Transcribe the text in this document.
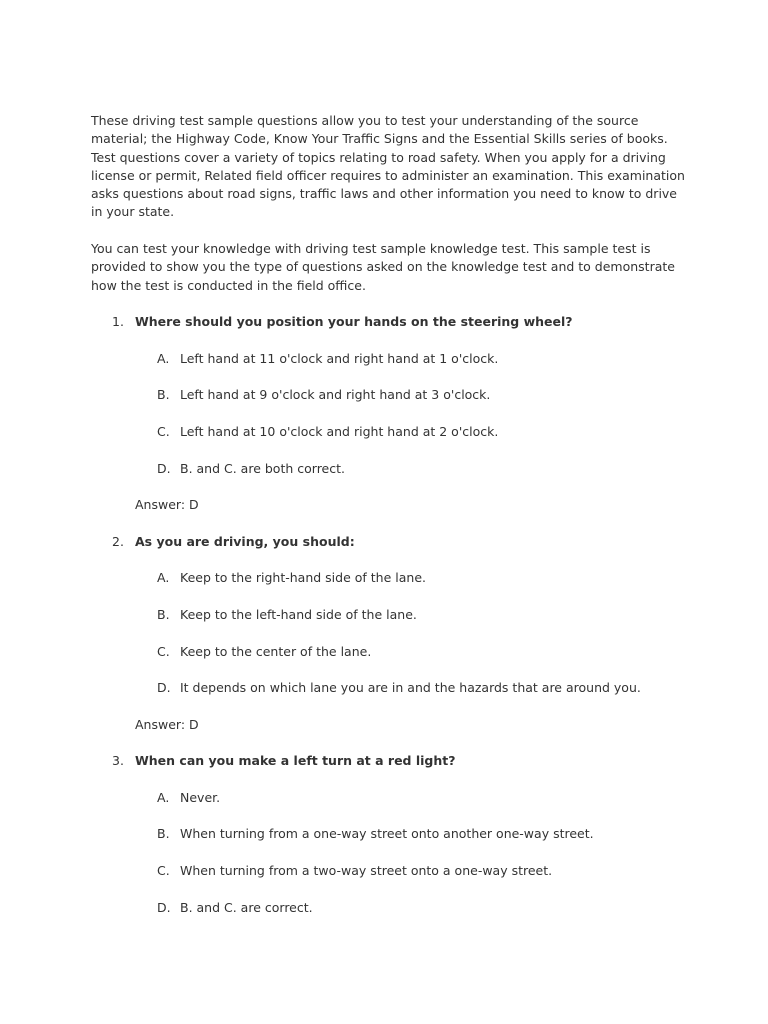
These driving test sample questions allow you to test your understanding of the source material; the Highway Code, Know Your Traffic Signs and the Essential Skills series of books. Test questions cover a variety of topics relating to road safety. When you apply for a driving license or permit, Related field officer requires to administer an examination. This examination asks questions about road signs, traffic laws and other information you need to know to drive in your state.

You can test your knowledge with driving test sample knowledge test. This sample test is provided to show you the type of questions asked on the knowledge test and to demonstrate how the test is conducted in the field office.

1. Where should you position your hands on the steering wheel?
A. Left hand at 11 o'clock and right hand at 1 o'clock.
B. Left hand at 9 o'clock and right hand at 3 o'clock.
C. Left hand at 10 o'clock and right hand at 2 o'clock.
D. B. and C. are both correct.
Answer: D
2. As you are driving, you should:
A. Keep to the right-hand side of the lane.
B. Keep to the left-hand side of the lane.
C. Keep to the center of the lane.
D. It depends on which lane you are in and the hazards that are around you.
Answer: D
3. When can you make a left turn at a red light?
A. Never.
B. When turning from a one-way street onto another one-way street.
C. When turning from a two-way street onto a one-way street.
D. B. and C. are correct.
